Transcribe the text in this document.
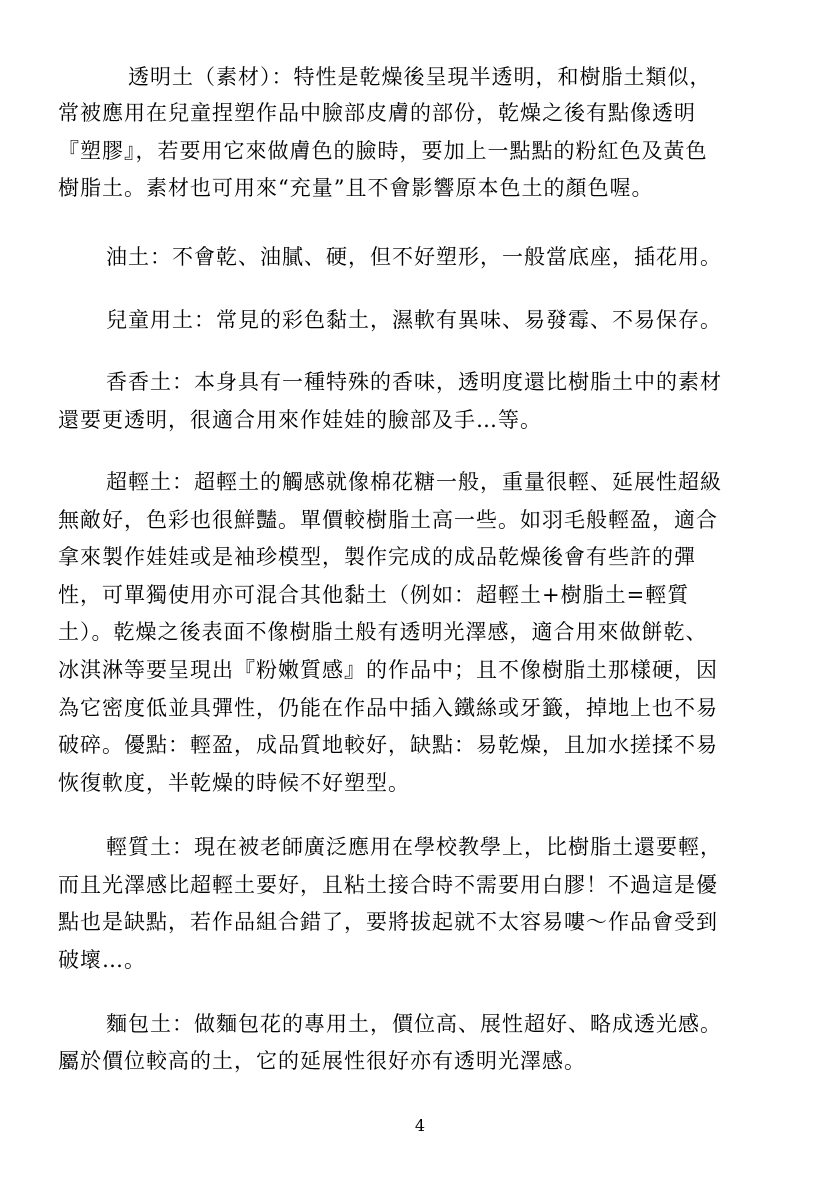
透明土（素材）：特性是乾燥後呈現半透明，和樹脂土類似，
常被應用在兒童捏塑作品中臉部皮膚的部份，乾燥之後有點像透明
『塑膠』，若要用它來做膚色的臉時，要加上一點點的粉紅色及黃色
樹脂土。素材也可用來“充量”且不會影響原本色土的顏色喔。
油土：不會乾、油膩、硬，但不好塑形，一般當底座，插花用。
兒童用土：常見的彩色黏土，濕軟有異味、易發霉、不易保存。
香香土：本身具有一種特殊的香味，透明度還比樹脂土中的素材
還要更透明，很適合用來作娃娃的臉部及手…等。
超輕土：超輕土的觸感就像棉花糖一般，重量很輕、延展性超級
無敵好，色彩也很鮮豔。單價較樹脂土高一些。如羽毛般輕盈，適合
拿來製作娃娃或是袖珍模型，製作完成的成品乾燥後會有些許的彈
性，可單獨使用亦可混合其他黏土（例如：超輕土+樹脂土=輕質
土）。乾燥之後表面不像樹脂土般有透明光澤感，適合用來做餅乾、
冰淇淋等要呈現出『粉嫩質感』的作品中；且不像樹脂土那樣硬，因
為它密度低並具彈性，仍能在作品中插入鐵絲或牙籤，掉地上也不易
破碎。優點：輕盈，成品質地較好，缺點：易乾燥，且加水搓揉不易
恢復軟度，半乾燥的時候不好塑型。
輕質土：現在被老師廣泛應用在學校教學上，比樹脂土還要輕，
而且光澤感比超輕土要好，且粘土接合時不需要用白膠！不過這是優
點也是缺點，若作品組合錯了，要將拔起就不太容易嘍～作品會受到
破壞…。
麵包土：做麵包花的專用土，價位高、展性超好、略成透光感。
屬於價位較高的土，它的延展性很好亦有透明光澤感。
4
